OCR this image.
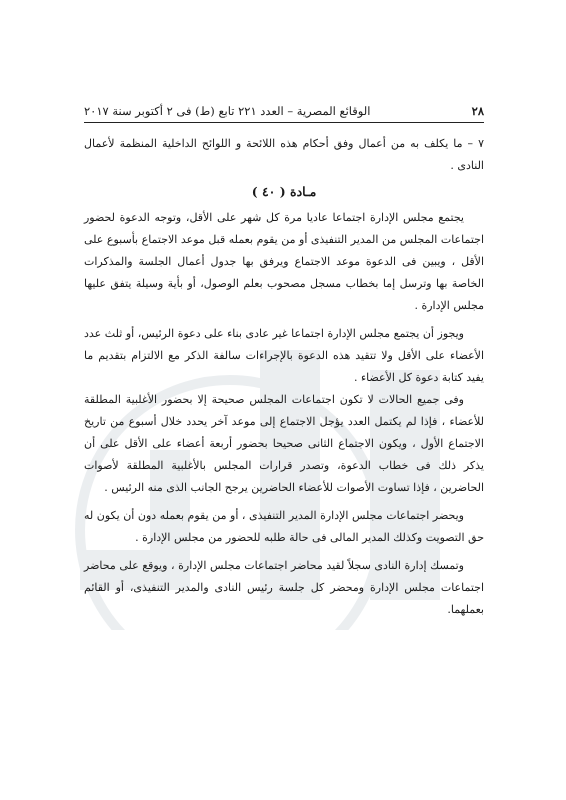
٢٨
الوقائع المصرية – العدد ٢٢١ تابع (ط) فى ٢ أكتوبر سنة ٢٠١٧

٧ – ما يكلف به من أعمال وفق أحكام هذه اللائحة و اللوائح الداخلية المنظمة لأعمال النادى .

مـادة ( ٤٠ )

يجتمع مجلس الإدارة اجتماعا عاديا مرة كل شهر على الأقل، وتوجه الدعوة لحضور اجتماعات المجلس من المدير التنفيذى أو من يقوم بعمله قبل موعد الاجتماع بأسبوع على الأقل ، ويبين فى الدعوة موعد الاجتماع ويرفق بها جدول أعمال الجلسة والمذكرات الخاصة بها وترسل إما بخطاب مسجل مصحوب بعلم الوصول، أو بأية وسيلة يتفق عليها مجلس الإدارة .

ويجوز أن يجتمع مجلس الإدارة اجتماعا غير عادى بناء على دعوة الرئيس، أو ثلث عدد الأعضاء على الأقل ولا تتقيد هذه الدعوة بالإجراءات سالفة الذكر مع الالتزام بتقديم ما يفيد كتابة دعوة كل الأعضاء .

وفى جميع الحالات لا تكون اجتماعات المجلس صحيحة إلا بحضور الأغلبية المطلقة للأعضاء ، فإذا لم يكتمل العدد يؤجل الاجتماع إلى موعد آخر يحدد خلال أسبوع من تاريخ الاجتماع الأول ، ويكون الاجتماع الثانى صحيحا بحضور أربعة أعضاء على الأقل على أن يذكر ذلك فى خطاب الدعوة، وتصدر قرارات المجلس بالأغلبية المطلقة لأصوات الحاضرين ، فإذا تساوت الأصوات للأعضاء الحاضرين يرجح الجانب الذى منه الرئيس .

ويحضر اجتماعات مجلس الإدارة المدير التنفيذى ، أو من يقوم بعمله دون أن يكون له حق التصويت وكذلك المدير المالى فى حالة طلبه للحضور من مجلس الإدارة .

وتمسك إدارة النادى سجلاً لقيد محاضر اجتماعات مجلس الإدارة ، ويوقع على محاضر اجتماعات مجلس الإدارة ومحضر كل جلسة رئيس النادى والمدير التنفيذى، أو القائم بعملهما.
